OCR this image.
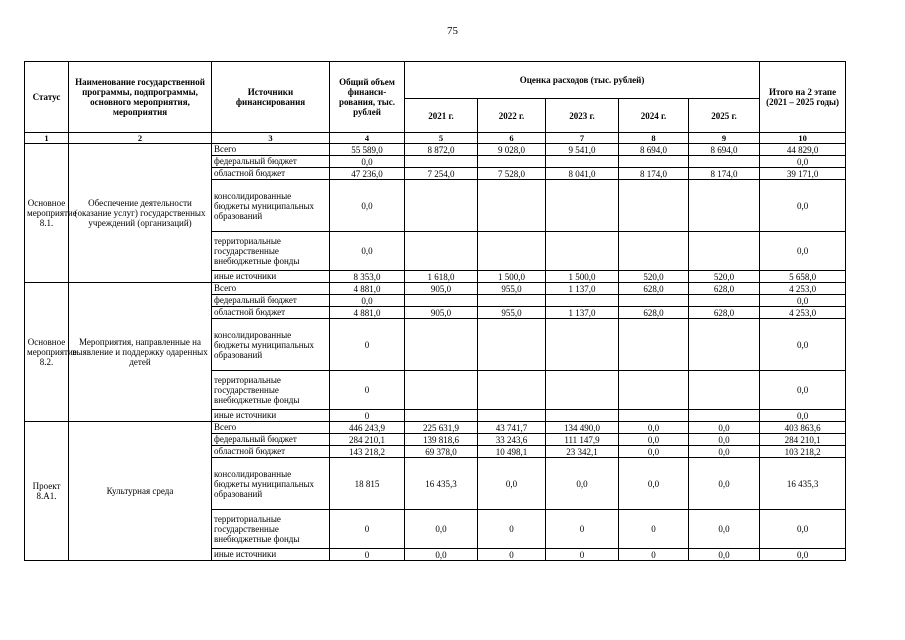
75
Статус	Наименование государственной программы, подпрограммы, основного мероприятия, мероприятия	Источники финансирования	Общий объем финанси-рования, тыс. рублей	Оценка расходов (тыс. рублей)					Итого на 2 этапе (2021 – 2025 годы)
				2021 г.	2022 г.	2023 г.	2024 г.	2025 г.	
1	2	3	4	5	6	7	8	9	10
Основное мероприятие 8.1.	Обеспечение деятельности (оказание услуг) государственных учреждений (организаций)	Всего	55 589,0	8 872,0	9 028,0	9 541,0	8 694,0	8 694,0	44 829,0
		федеральный бюджет	0,0						0,0
		областной бюджет	47 236,0	7 254,0	7 528,0	8 041,0	8 174,0	8 174,0	39 171,0
		консолидированные бюджеты муниципальных образований	0,0						0,0
		территориальные государственные внебюджетные фонды	0,0						0,0
		иные источники	8 353,0	1 618,0	1 500,0	1 500,0	520,0	520,0	5 658,0
Основное мероприятие 8.2.	Мероприятия, направленные на выявление и поддержку одаренных детей	Всего	4 881,0	905,0	955,0	1 137,0	628,0	628,0	4 253,0
		федеральный бюджет	0,0						0,0
		областной бюджет	4 881,0	905,0	955,0	1 137,0	628,0	628,0	4 253,0
		консолидированные бюджеты муниципальных образований	0						0,0
		территориальные государственные внебюджетные фонды	0						0,0
		иные источники	0						0,0
Проект 8.А1.	Культурная среда	Всего	446 243,9	225 631,9	43 741,7	134 490,0	0,0	0,0	403 863,6
		федеральный бюджет	284 210,1	139 818,6	33 243,6	111 147,9	0,0	0,0	284 210,1
		областной бюджет	143 218,2	69 378,0	10 498,1	23 342,1	0,0	0,0	103 218,2
		консолидированные бюджеты муниципальных образований	18 815	16 435,3	0,0	0,0	0,0	0,0	16 435,3
		территориальные государственные внебюджетные фонды	0	0,0	0	0	0	0,0	0,0
		иные источники	0	0,0	0	0	0	0,0	0,0
